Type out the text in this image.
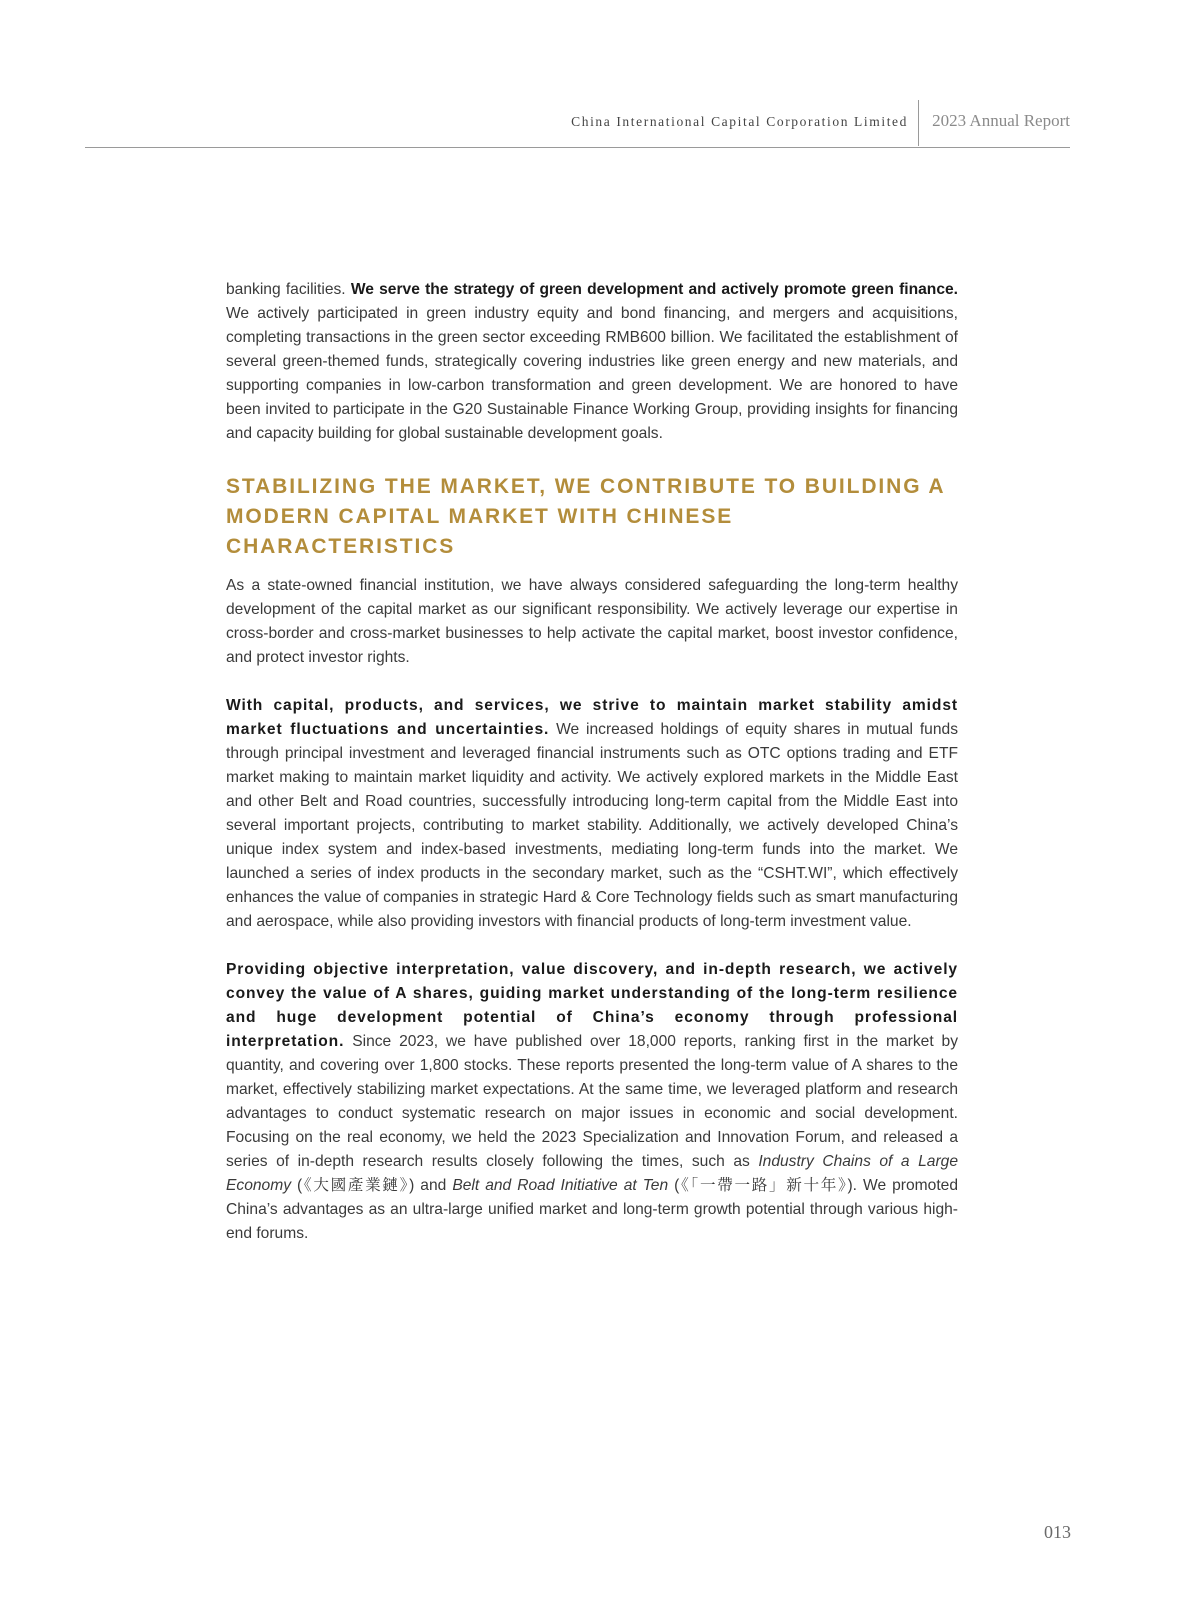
China International Capital Corporation Limited 2023 Annual Report

banking facilities. We serve the strategy of green development and actively promote green finance. We actively participated in green industry equity and bond financing, and mergers and acquisitions, completing transactions in the green sector exceeding RMB600 billion. We facilitated the establishment of several green-themed funds, strategically covering industries like green energy and new materials, and supporting companies in low-carbon transformation and green development. We are honored to have been invited to participate in the G20 Sustainable Finance Working Group, providing insights for financing and capacity building for global sustainable development goals.

STABILIZING THE MARKET, WE CONTRIBUTE TO BUILDING A
MODERN CAPITAL MARKET WITH CHINESE CHARACTERISTICS

As a state-owned financial institution, we have always considered safeguarding the long-term healthy development of the capital market as our significant responsibility. We actively leverage our expertise in cross-border and cross-market businesses to help activate the capital market, boost investor confidence, and protect investor rights.

With capital, products, and services, we strive to maintain market stability amidst market fluctuations and uncertainties. We increased holdings of equity shares in mutual funds through principal investment and leveraged financial instruments such as OTC options trading and ETF market making to maintain market liquidity and activity. We actively explored markets in the Middle East and other Belt and Road countries, successfully introducing long-term capital from the Middle East into several important projects, contributing to market stability. Additionally, we actively developed China’s unique index system and index-based investments, mediating long-term funds into the market. We launched a series of index products in the secondary market, such as the “CSHT.WI”, which effectively enhances the value of companies in strategic Hard & Core Technology fields such as smart manufacturing and aerospace, while also providing investors with financial products of long-term investment value.

Providing objective interpretation, value discovery, and in-depth research, we actively convey the value of A shares, guiding market understanding of the long-term resilience and huge development potential of China’s economy through professional interpretation. Since 2023, we have published over 18,000 reports, ranking first in the market by quantity, and covering over 1,800 stocks. These reports presented the long-term value of A shares to the market, effectively stabilizing market expectations. At the same time, we leveraged platform and research advantages to conduct systematic research on major issues in economic and social development. Focusing on the real economy, we held the 2023 Specialization and Innovation Forum, and released a series of in-depth research results closely following the times, such as Industry Chains of a Large Economy (《大國產業鏈》) and Belt and Road Initiative at Ten (《「一帶一路」新十年》). We promoted China’s advantages as an ultra-large unified market and long-term growth potential through various high-end forums.

013
